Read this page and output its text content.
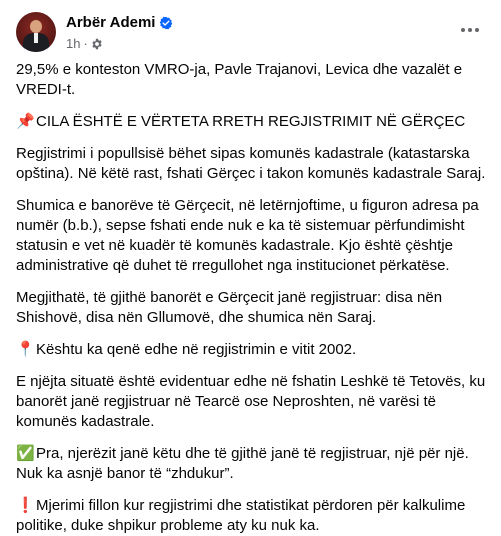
Arbër Ademi
1h ·

29,5% e konteston VMRO-ja, Pavle Trajanovi, Levica dhe vazalët e VREDI-t.

📌CILA ËSHTË E VËRTETA RRETH REGJISTRIMIT NË GËRÇEC

Regjistrimi i popullsisë bëhet sipas komunës kadastrale (katastarska opština). Në këtë rast, fshati Gërçec i takon komunës kadastrale Saraj.

Shumica e banorëve të Gërçecit, në letërnjoftime, u figuron adresa pa numër (b.b.), sepse fshati ende nuk e ka të sistemuar përfundimisht statusin e vet në kuadër të komunës kadastrale. Kjo është çështje administrative që duhet të rregullohet nga institucionet përkatëse.

Megjithatë, të gjithë banorët e Gërçecit janë regjistruar: disa nën Shishovë, disa nën Gllumovë, dhe shumica nën Saraj.

📍Kështu ka qenë edhe në regjistrimin e vitit 2002.

E njëjta situatë është evidentuar edhe në fshatin Leshkë të Tetovës, ku banorët janë regjistruar në Tearcë ose Neproshten, në varësi të komunës kadastrale.

✅Pra, njerëzit janë këtu dhe të gjithë janë të regjistruar, një për një. Nuk ka asnjë banor të “zhdukur”.

❗Mjerimi fillon kur regjistrimi dhe statistikat përdoren për kalkulime politike, duke shpikur probleme aty ku nuk ka.
